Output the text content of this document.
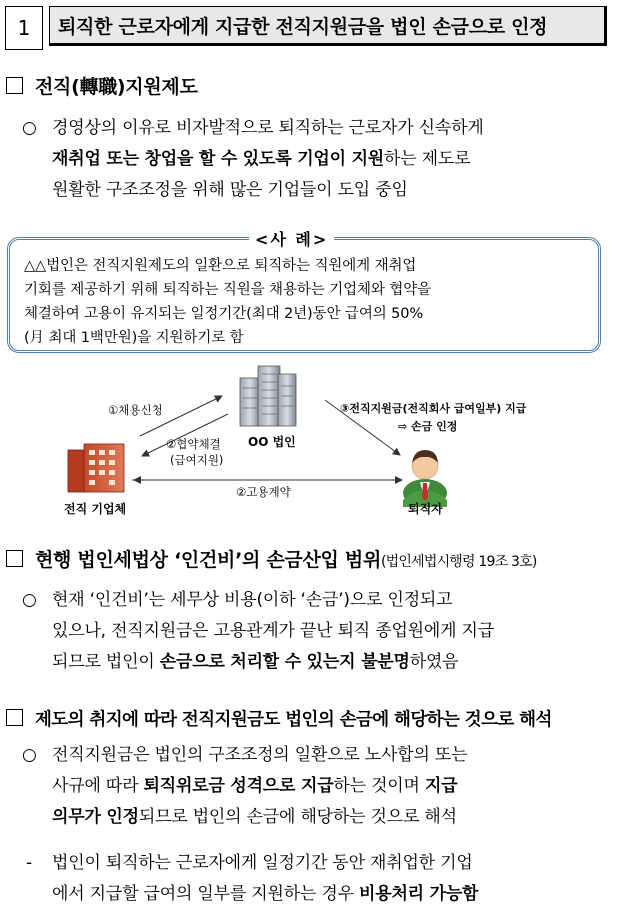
1	퇴직한 근로자에게 지급한 전직지원금을 법인 손금으로 인정
전직(轉職)지원제도
○ 경영상의 이유로 비자발적으로 퇴직하는 근로자가 신속하게
재취업 또는 창업을 할 수 있도록 기업이 지원하는 제도로
원활한 구조조정을 위해 많은 기업들이 도입 중임
<사 례>
△△법인은 전직지원제도의 일환으로 퇴직하는 직원에게 재취업
기회를 제공하기 위해 퇴직하는 직원을 채용하는 기업체와 협약을
체결하여 고용이 유지되는 일정기간(최대 2년)동안 급여의 50%
(月 최대 1백만원)을 지원하기로 함
①채용신청
②협약체결
(급여지원)
②고용계약
OO 법인
③전직지원금(전직회사 급여일부) 지급
⇨ 손금 인정
전직 기업체	퇴직자
현행 법인세법상 ‘인건비’의 손금산입 범위(법인세법시행령 19조 3호)
○ 현재 ‘인건비’는 세무상 비용(이하 ‘손금’)으로 인정되고
있으나, 전직지원금은 고용관계가 끝난 퇴직 종업원에게 지급
되므로 법인이 손금으로 처리할 수 있는지 불분명하였음
제도의 취지에 따라 전직지원금도 법인의 손금에 해당하는 것으로 해석
○ 전직지원금은 법인의 구조조정의 일환으로 노사합의 또는
사규에 따라 퇴직위로금 성격으로 지급하는 것이며 지급
의무가 인정되므로 법인의 손금에 해당하는 것으로 해석
- 법인이 퇴직하는 근로자에게 일정기간 동안 재취업한 기업
에서 지급할 급여의 일부를 지원하는 경우 비용처리 가능함
